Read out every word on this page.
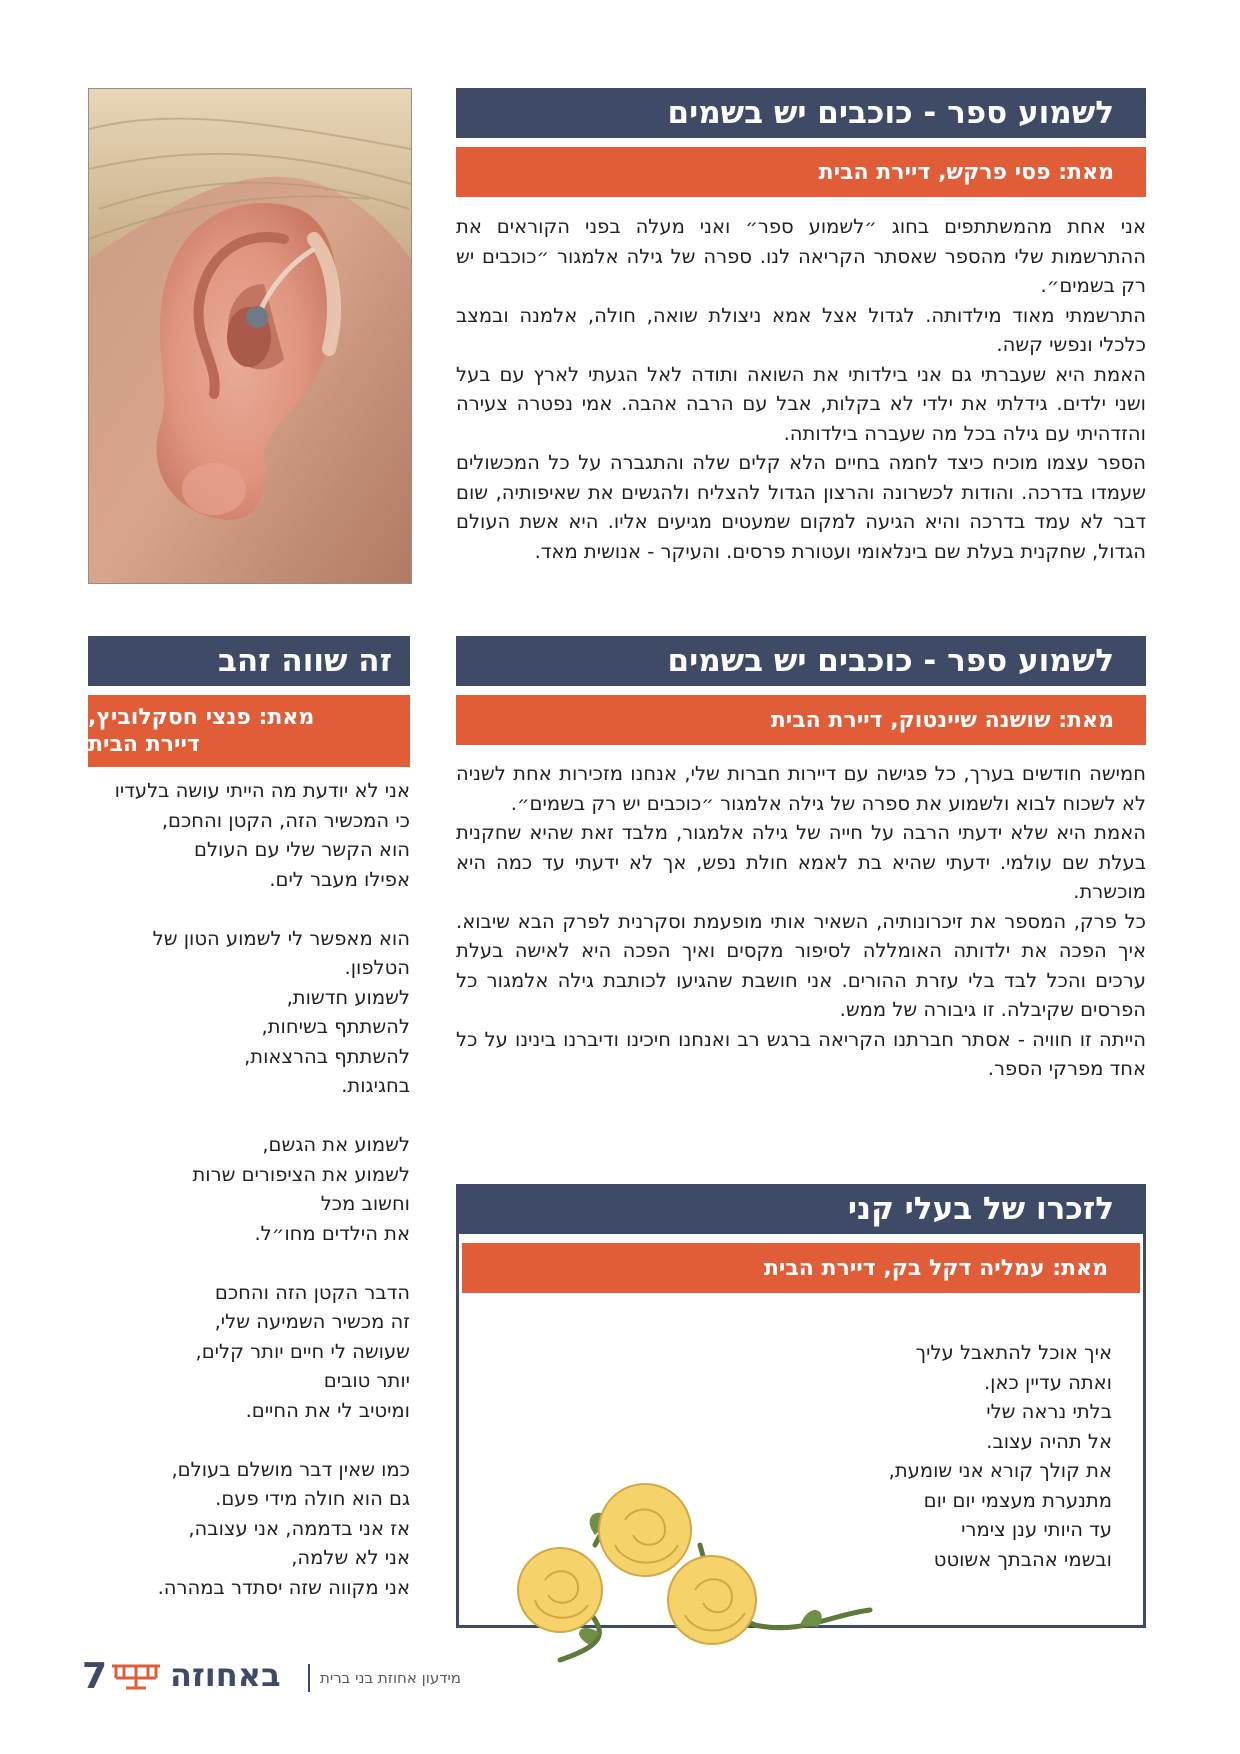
לשמוע ספר - כוכבים יש בשמים
מאת: פסי פרקש, דיירת הבית

אני אחת מהמשתתפים בחוג ״לשמוע ספר״ ואני מעלה בפני הקוראים את ההתרשמות שלי מהספר שאסתר הקריאה לנו. ספרה של גילה אלמגור ״כוכבים יש רק בשמים״.

התרשמתי מאוד מילדותה. לגדול אצל אמא ניצולת שואה, חולה, אלמנה ובמצב כלכלי ונפשי קשה.

האמת היא שעברתי גם אני בילדותי את השואה ותודה לאל הגעתי לארץ עם בעל ושני ילדים. גידלתי את ילדי לא בקלות, אבל עם הרבה אהבה. אמי נפטרה צעירה והזדהיתי עם גילה בכל מה שעברה בילדותה.

הספר עצמו מוכיח כיצד לחמה בחיים הלא קלים שלה והתגברה על כל המכשולים שעמדו בדרכה. והודות לכשרונה והרצון הגדול להצליח ולהגשים את שאיפותיה, שום דבר לא עמד בדרכה והיא הגיעה למקום שמעטים מגיעים אליו. היא אשת העולם הגדול, שחקנית בעלת שם בינלאומי ועטורת פרסים. והעיקר - אנושית מאד.

זה שווה זהב
מאת: פנצי חסקלוביץ,
דיירת הבית
אני לא יודעת מה הייתי עושה בלעדיו
כי המכשיר הזה, הקטן והחכם,
הוא הקשר שלי עם העולם
אפילו מעבר לים.
הוא מאפשר לי לשמוע הטון של
הטלפון.
לשמוע חדשות,
להשתתף בשיחות,
להשתתף בהרצאות,
בחגיגות.
לשמוע את הגשם,
לשמוע את הציפורים שרות
וחשוב מכל
את הילדים מחו״ל.
הדבר הקטן הזה והחכם
זה מכשיר השמיעה שלי,
שעושה לי חיים יותר קלים,
יותר טובים
ומיטיב לי את החיים.
כמו שאין דבר מושלם בעולם,
גם הוא חולה מידי פעם.
אז אני בדממה, אני עצובה,
אני לא שלמה,
אני מקווה שזה יסתדר במהרה.
לשמוע ספר - כוכבים יש בשמים
מאת: שושנה שיינטוק, דיירת הבית

חמישה חודשים בערך, כל פגישה עם דיירות חברות שלי, אנחנו מזכירות אחת לשניה לא לשכוח לבוא ולשמוע את ספרה של גילה אלמגור ״כוכבים יש רק בשמים״.

האמת היא שלא ידעתי הרבה על חייה של גילה אלמגור, מלבד זאת שהיא שחקנית בעלת שם עולמי. ידעתי שהיא בת לאמא חולת נפש, אך לא ידעתי עד כמה היא מוכשרת.

כל פרק, המספר את זיכרונותיה, השאיר אותי מופעמת וסקרנית לפרק הבא שיבוא. איך הפכה את ילדותה האומללה לסיפור מקסים ואיך הפכה היא לאישה בעלת ערכים והכל לבד בלי עזרת ההורים. אני חושבת שהגיעו לכותבת גילה אלמגור כל הפרסים שקיבלה. זו גיבורה של ממש.

הייתה זו חוויה - אסתר חברתנו הקריאה ברגש רב ואנחנו חיכינו ודיברנו בינינו על כל אחד מפרקי הספר.

לזכרו של בעלי קני
מאת: עמליה דקל בק, דיירת הבית
איך אוכל להתאבל עליך
ואתה עדיין כאן.
בלתי נראה שלי
אל תהיה עצוב.
את קולך קורא אני שומעת,
מתנערת מעצמי יום יום
עד היותי ענן צימרי
ובשמי אהבתך אשוטט
7 באחוזה	מידעון אחוזת בני ברית
